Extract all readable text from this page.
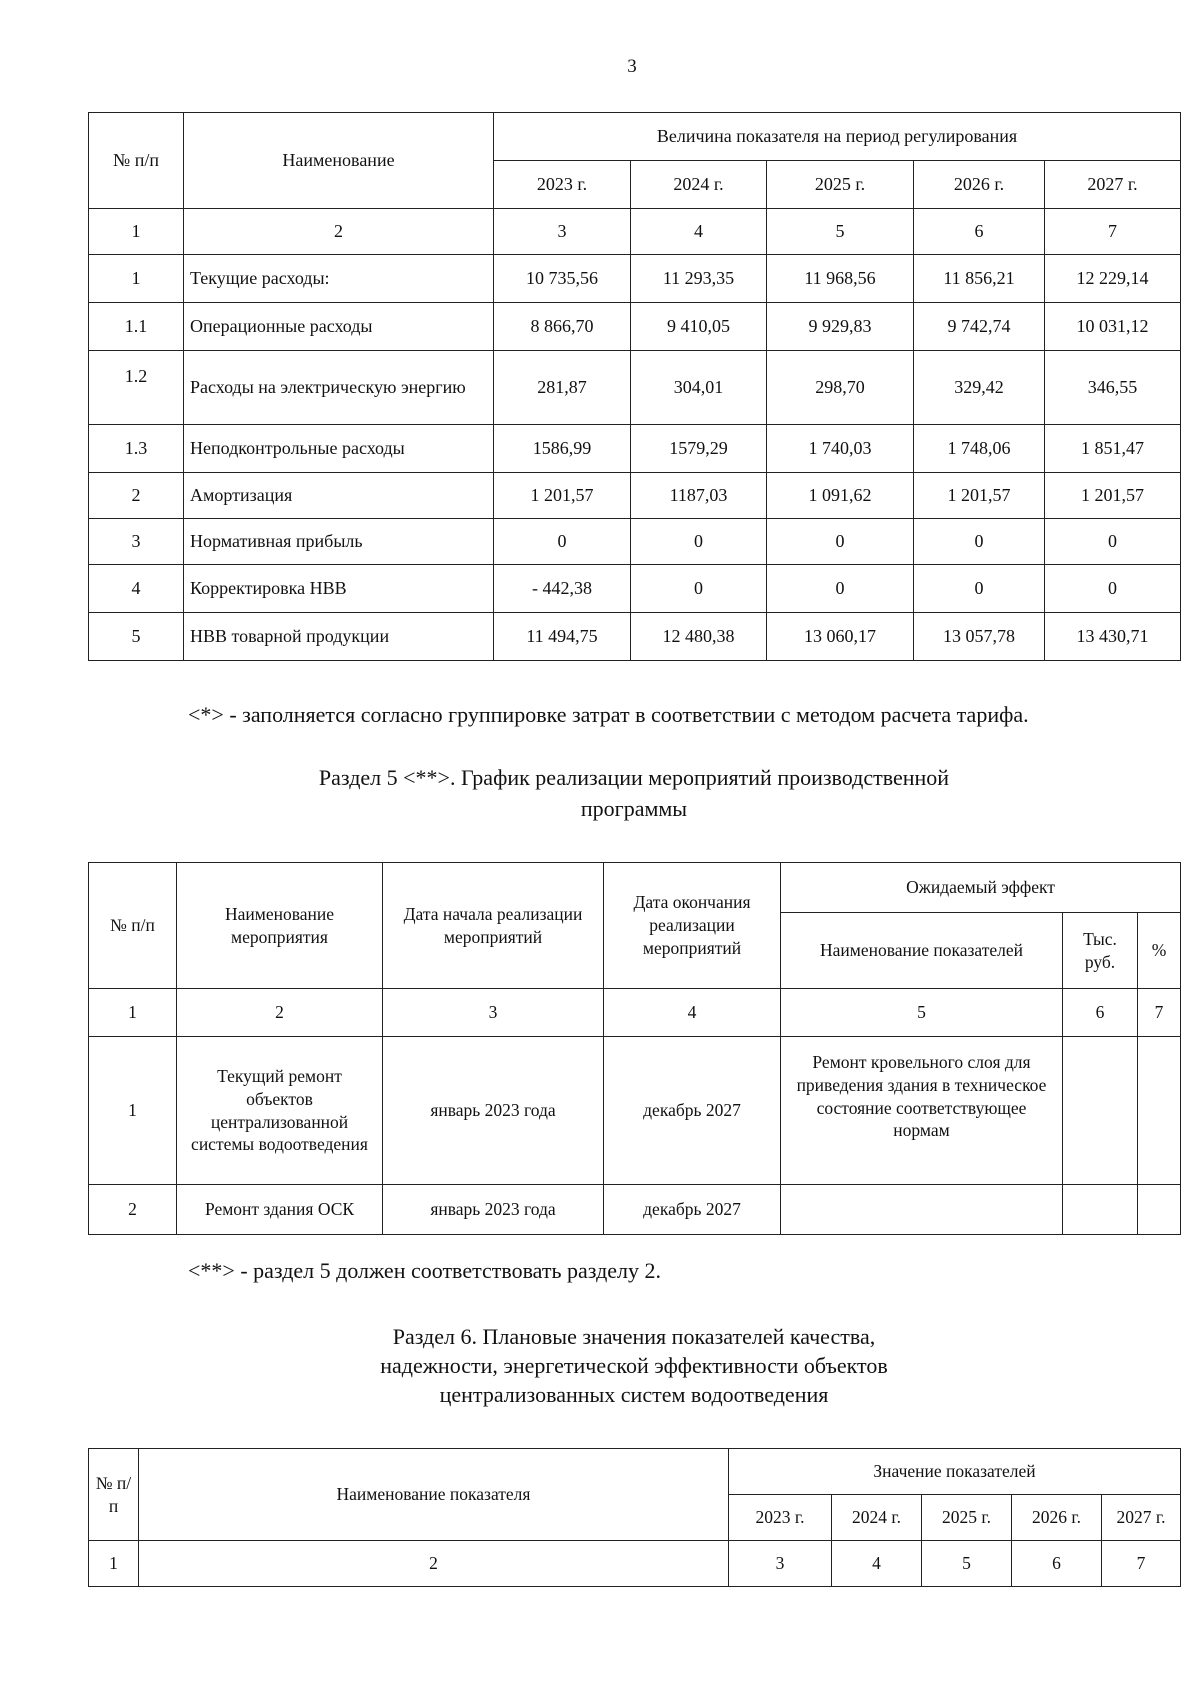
3
№ п/п	Наименование	Величина показателя на период регулирования				
		2023 г.	2024 г.	2025 г.	2026 г.	2027 г.
1	2	3	4	5	6	7
1	Текущие расходы:	10 735,56	11 293,35	11 968,56	11 856,21	12 229,14
1.1	Операционные расходы	8 866,70	9 410,05	9 929,83	9 742,74	10 031,12
1.2	Расходы на электрическую энергию	281,87	304,01	298,70	329,42	346,55
1.3	Неподконтрольные расходы	1586,99	1579,29	1 740,03	1 748,06	1 851,47
2	Амортизация	1 201,57	1187,03	1 091,62	1 201,57	1 201,57
3	Нормативная прибыль	0	0	0	0	0
4	Корректировка НВВ	- 442,38	0	0	0	0
5	НВВ товарной продукции	11 494,75	12 480,38	13 060,17	13 057,78	13 430,71
<*> - заполняется согласно группировке затрат в соответствии с методом расчета тарифа.
Раздел 5 <**>. График реализации мероприятий производственной
программы
№ п/п	Наименование мероприятия	Дата начала реализации мероприятий	Дата окончания реализации мероприятий	Ожидаемый эффект		
				Наименование показателей	Тыс. руб.	%
1	2	3	4	5	6	7
1	Текущий ремонт объектов централизованной системы водоотведения	январь 2023 года	декабрь 2027	Ремонт кровельного слоя для приведения здания в техническое состояние соответствующее нормам		
2	Ремонт здания ОСК	январь 2023 года	декабрь 2027			
<**> - раздел 5 должен соответствовать разделу 2.
Раздел 6. Плановые значения показателей качества,
надежности, энергетической эффективности объектов
централизованных систем водоотведения
№ п/п	Наименование показателя	Значение показателей				
		2023 г.	2024 г.	2025 г.	2026 г.	2027 г.
1	2	3	4	5	6	7
